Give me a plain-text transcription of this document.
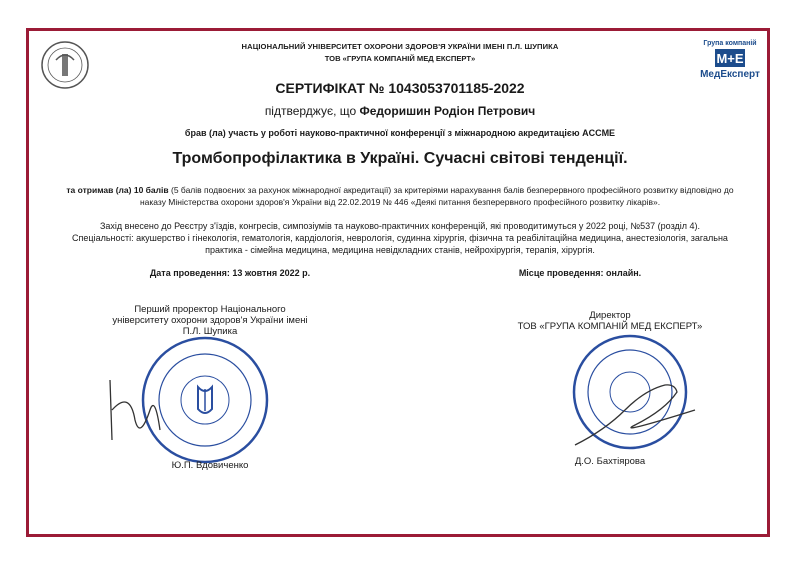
НАЦІОНАЛЬНИЙ УНІВЕРСИТЕТ ОХОРОНИ ЗДОРОВ'Я УКРАЇНИ ІМЕНІ П.Л. ШУПИКА
ТОВ «ГРУПА КОМПАНІЙ МЕД ЕКСПЕРТ»
Група компаній
M+E
МедЕксперт
СЕРТИФІКАТ № 1043053701185-2022
підтверджує, що Федоришин Родіон Петрович
брав (ла) участь у роботі науково-практичної конференції з міжнародною акредитацією ACCME
Тромбопрофілактика в Україні. Сучасні світові тенденції.
та отримав (ла) 10 балів (5 балів подвоєних за рахунок міжнародної акредитації) за критеріями нарахування балів безперервного професійного розвитку відповідно до наказу Міністерства охорони здоров'я України від 22.02.2019 № 446 «Деякі питання безперервного професійного розвитку лікарів».
Захід внесено до Реєстру з'їздів, конгресів, симпозіумів та науково-практичних конференцій, які проводитимуться у 2022 році, №537 (розділ 4).
Спеціальності: акушерство і гінекологія, гематологія, кардіологія, неврологія, судинна хірургія, фізична та реабілітаційна медицина, анестезіологія, загальна практика - сімейна медицина, медицина невідкладних станів, нейрохірургія, терапія, хірургія.
Дата проведення: 13 жовтня 2022 р.	Місце проведення: онлайн.
Перший проректор Національного університету охорони здоров'я України імені П.Л. Шупика
Директор
ТОВ «ГРУПА КОМПАНІЙ МЕД ЕКСПЕРТ»
Ю.П. Вдовиченко	Д.О. Бахтіярова
